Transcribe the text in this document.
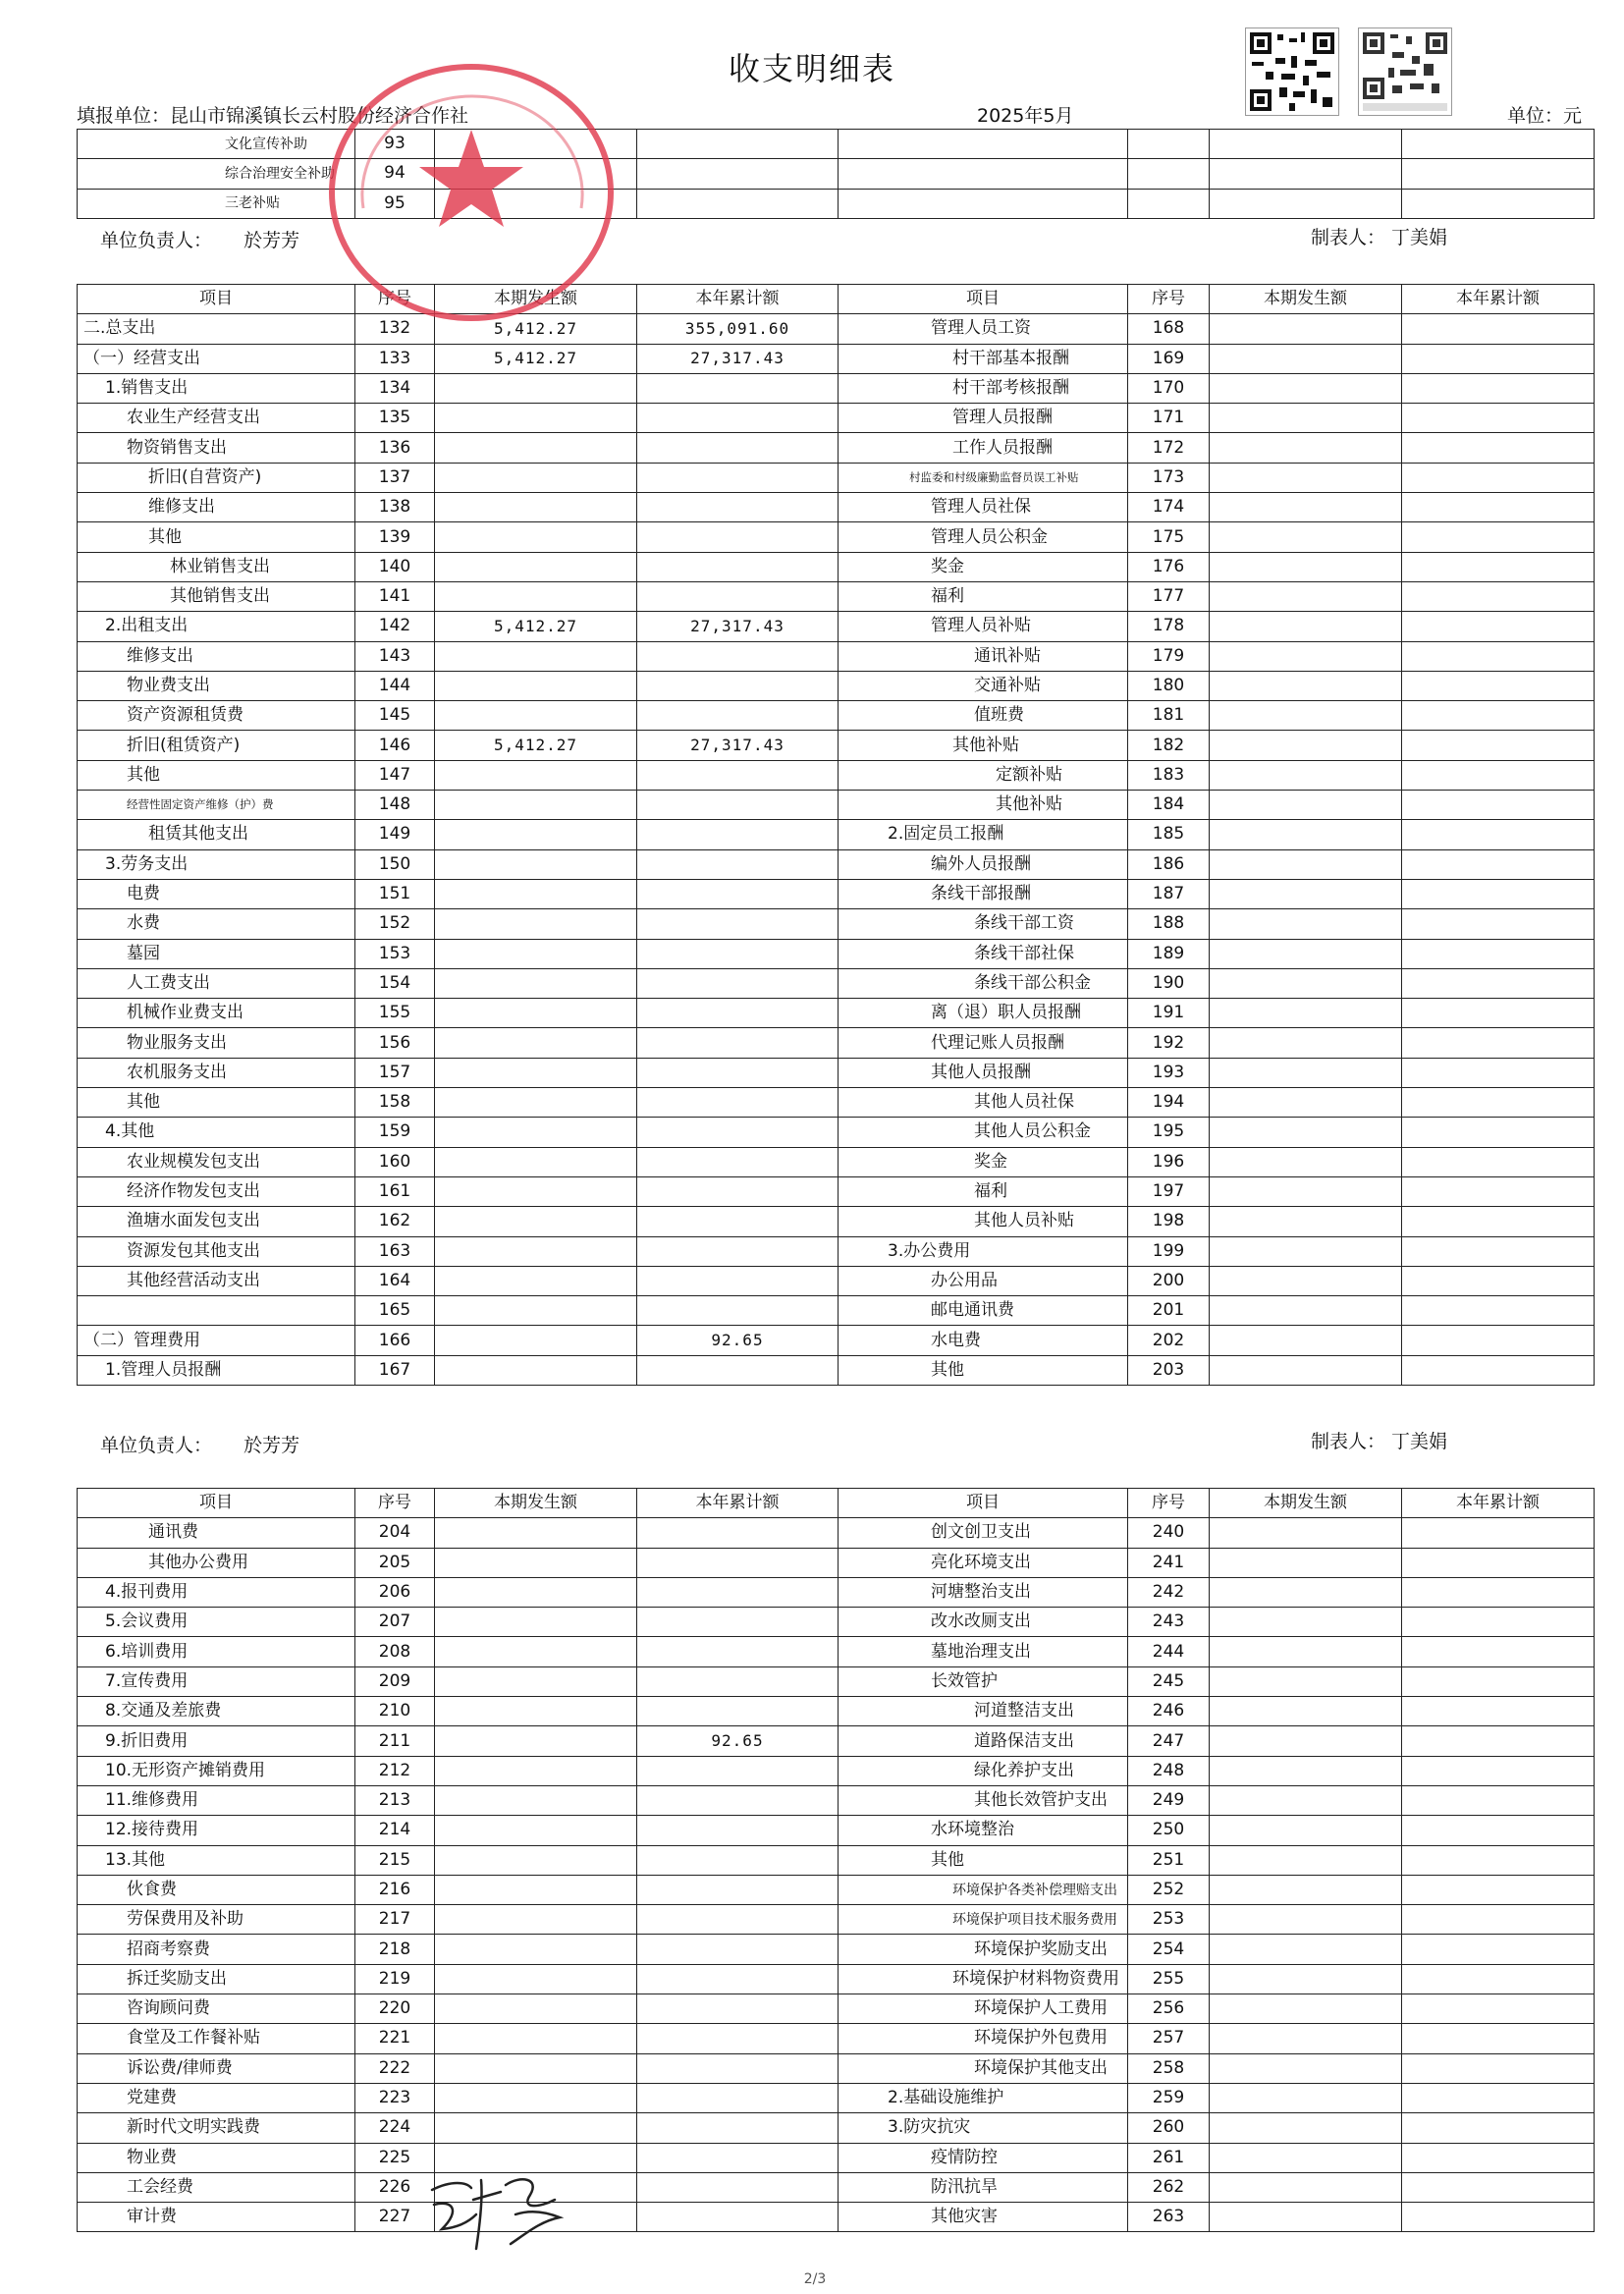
收支明细表
填报单位：昆山市锦溪镇长云村股份经济合作社	2025年5月	单位：元
文化宣传补助	93						
综合治理安全补助	94						
三老补贴	95						
单位负责人： 於芳芳	制表人： 丁美娟
项目	序号	本期发生额	本年累计额	项目	序号	本期发生额	本年累计额
二.总支出	132	5,412.27	355,091.60	管理人员工资	168		
（一）经营支出	133	5,412.27	27,317.43	村干部基本报酬	169		
1.销售支出	134			村干部考核报酬	170		
农业生产经营支出	135			管理人员报酬	171		
物资销售支出	136			工作人员报酬	172		
折旧(自营资产)	137			村监委和村级廉勤监督员误工补贴	173		
维修支出	138			管理人员社保	174		
其他	139			管理人员公积金	175		
林业销售支出	140			奖金	176		
其他销售支出	141			福利	177		
2.出租支出	142	5,412.27	27,317.43	管理人员补贴	178		
维修支出	143			通讯补贴	179		
物业费支出	144			交通补贴	180		
资产资源租赁费	145			值班费	181		
折旧(租赁资产)	146	5,412.27	27,317.43	其他补贴	182		
其他	147			定额补贴	183		
经营性固定资产维修（护）费	148			其他补贴	184		
租赁其他支出	149			2.固定员工报酬	185		
3.劳务支出	150			编外人员报酬	186		
电费	151			条线干部报酬	187		
水费	152			条线干部工资	188		
墓园	153			条线干部社保	189		
人工费支出	154			条线干部公积金	190		
机械作业费支出	155			离（退）职人员报酬	191		
物业服务支出	156			代理记账人员报酬	192		
农机服务支出	157			其他人员报酬	193		
其他	158			其他人员社保	194		
4.其他	159			其他人员公积金	195		
农业规模发包支出	160			奖金	196		
经济作物发包支出	161			福利	197		
渔塘水面发包支出	162			其他人员补贴	198		
资源发包其他支出	163			3.办公费用	199		
其他经营活动支出	164			办公用品	200		
	165			邮电通讯费	201		
（二）管理费用	166		92.65	水电费	202		
1.管理人员报酬	167			其他	203		
单位负责人： 於芳芳	制表人： 丁美娟
项目	序号	本期发生额	本年累计额	项目	序号	本期发生额	本年累计额
通讯费	204			创文创卫支出	240		
其他办公费用	205			亮化环境支出	241		
4.报刊费用	206			河塘整治支出	242		
5.会议费用	207			改水改厕支出	243		
6.培训费用	208			墓地治理支出	244		
7.宣传费用	209			长效管护	245		
8.交通及差旅费	210			河道整洁支出	246		
9.折旧费用	211		92.65	道路保洁支出	247		
10.无形资产摊销费用	212			绿化养护支出	248		
11.维修费用	213			其他长效管护支出	249		
12.接待费用	214			水环境整治	250		
13.其他	215			其他	251		
伙食费	216			环境保护各类补偿理赔支出	252		
劳保费用及补助	217			环境保护项目技术服务费用	253		
招商考察费	218			环境保护奖励支出	254		
拆迁奖励支出	219			环境保护材料物资费用	255		
咨询顾问费	220			环境保护人工费用	256		
食堂及工作餐补贴	221			环境保护外包费用	257		
诉讼费/律师费	222			环境保护其他支出	258		
党建费	223			2.基础设施维护	259		
新时代文明实践费	224			3.防灾抗灾	260		
物业费	225			疫情防控	261		
工会经费	226			防汛抗旱	262		
审计费	227			其他灾害	263		
2/3
